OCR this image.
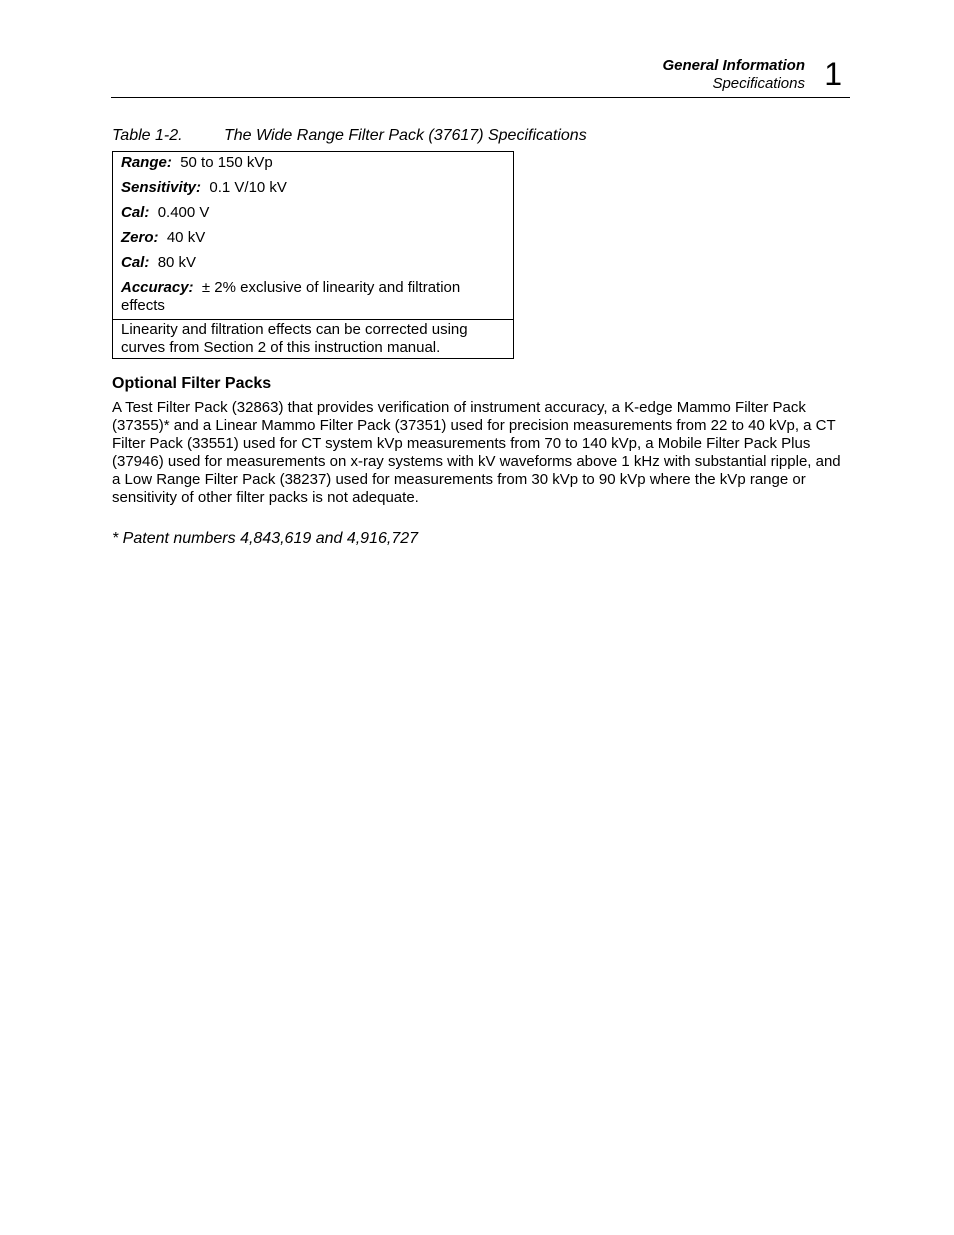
General Information
Specifications 1
Table 1-2.	The Wide Range Filter Pack (37617) Specifications

Range: 50 to 150 kVp

Sensitivity: 0.1 V/10 kV

Cal: 0.400 V

Zero: 40 kV

Cal: 80 kV

Accuracy: ± 2% exclusive of linearity and filtration effects

Linearity and filtration effects can be corrected using curves from Section 2 of this instruction manual.
Optional Filter Packs

A Test Filter Pack (32863) that provides verification of instrument accuracy, a K-edge Mammo Filter Pack (37355)* and a Linear Mammo Filter Pack (37351) used for precision measurements from 22 to 40 kVp, a CT Filter Pack (33551) used for CT system kVp measurements from 70 to 140 kVp, a Mobile Filter Pack Plus (37946) used for measurements on x-ray systems with kV waveforms above 1 kHz with substantial ripple, and a Low Range Filter Pack (38237) used for measurements from 30 kVp to 90 kVp where the kVp range or sensitivity of other filter packs is not adequate.

* Patent numbers 4,843,619 and 4,916,727
